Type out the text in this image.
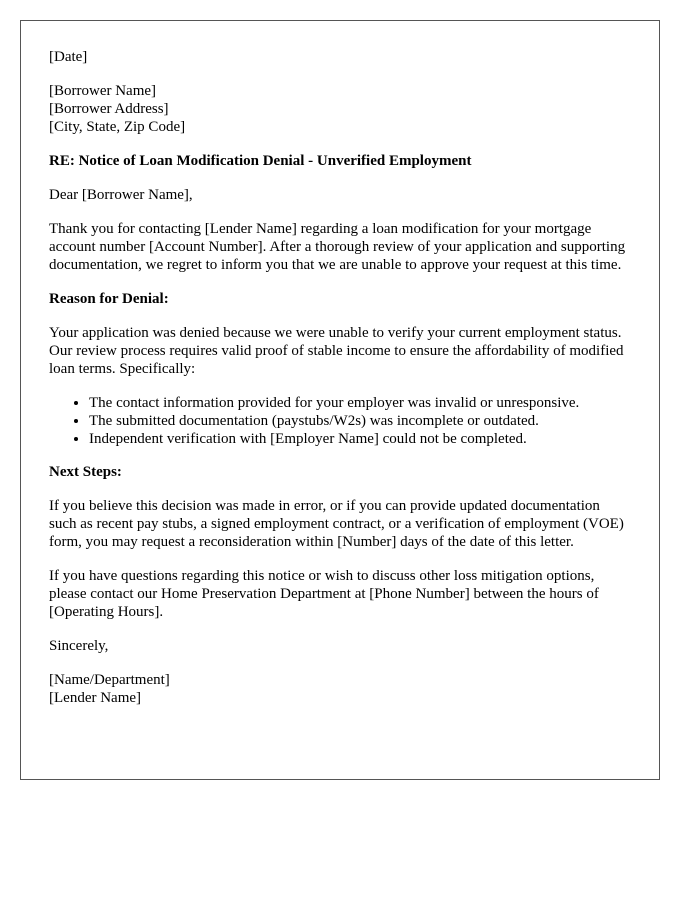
[Date]

[Borrower Name]
[Borrower Address]
[City, State, Zip Code]

RE: Notice of Loan Modification Denial - Unverified Employment

Dear [Borrower Name],

Thank you for contacting [Lender Name] regarding a loan modification for your mortgage account number [Account Number]. After a thorough review of your application and supporting documentation, we regret to inform you that we are unable to approve your request at this time.

Reason for Denial:

Your application was denied because we were unable to verify your current employment status. Our review process requires valid proof of stable income to ensure the affordability of modified loan terms. Specifically:

• The contact information provided for your employer was invalid or unresponsive.
• The submitted documentation (paystubs/W2s) was incomplete or outdated.
• Independent verification with [Employer Name] could not be completed.

Next Steps:

If you believe this decision was made in error, or if you can provide updated documentation such as recent pay stubs, a signed employment contract, or a verification of employment (VOE) form, you may request a reconsideration within [Number] days of the date of this letter.

If you have questions regarding this notice or wish to discuss other loss mitigation options, please contact our Home Preservation Department at [Phone Number] between the hours of [Operating Hours].

Sincerely,

[Name/Department]
[Lender Name]
